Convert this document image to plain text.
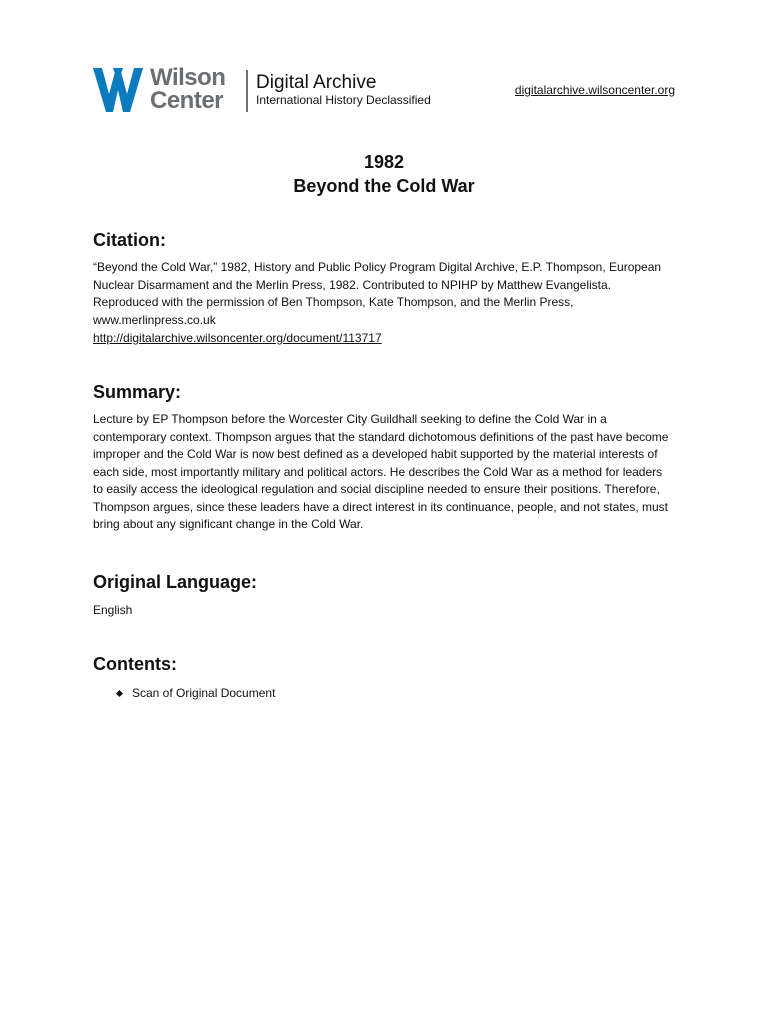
Wilson
Center
Digital Archive
International History Declassified
digitalarchive.wilsoncenter.org
1982
Beyond the Cold War
Citation:

“Beyond the Cold War,” 1982, History and Public Policy Program Digital Archive, E.P. Thompson, European Nuclear Disarmament and the Merlin Press, 1982. Contributed to NPIHP by Matthew Evangelista. Reproduced with the permission of Ben Thompson, Kate Thompson, and the Merlin Press, www.merlinpress.co.uk

http://digitalarchive.wilsoncenter.org/document/113717
Summary:

Lecture by EP Thompson before the Worcester City Guildhall seeking to define the Cold War in a contemporary context. Thompson argues that the standard dichotomous definitions of the past have become improper and the Cold War is now best defined as a developed habit supported by the material interests of each side, most importantly military and political actors. He describes the Cold War as a method for leaders to easily access the ideological regulation and social discipline needed to ensure their positions. Therefore, Thompson argues, since these leaders have a direct interest in its continuance, people, and not states, must bring about any significant change in the Cold War.

Original Language:

English

Contents:
Scan of Original Document
